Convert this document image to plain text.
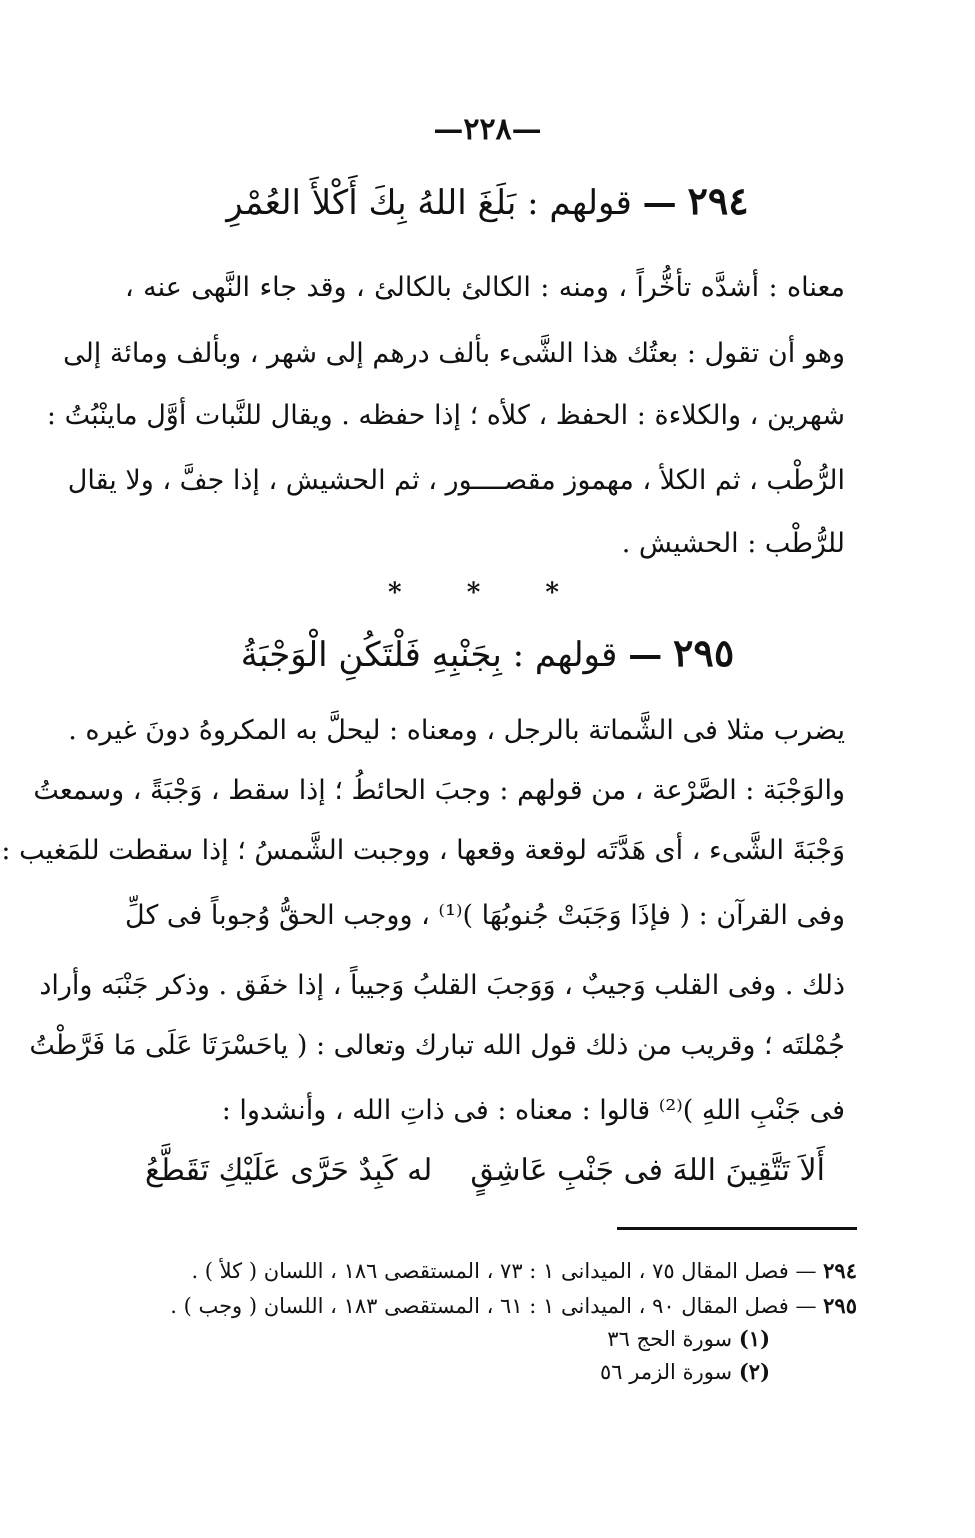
—٢٢٨—
٢٩٤ — قولهم : بَلَغَ اللهُ بِكَ أَكْلأَ العُمْرِ
معناه : أشدَّه تأخُّراً ، ومنه : الكالئ بالكالئ ، وقد جاء النَّهى عنه ،
وهو أن تقول : بعتُك هذا الشَّىء بألف درهم إلى شهر ، وبألف ومائة إلى
شهرين ، والكلاءة : الحفظ ، كلأه ؛ إذا حفظه . ويقال للنَّبات أوَّل ماينْبُتُ :
الرُّطْب ، ثم الكلأ ، مهموز مقصــــور ، ثم الحشيش ، إذا جفَّ ، ولا يقال
للرُّطْب : الحشيش .
* * *
٢٩٥ — قولهم : بِجَنْبِهِ فَلْتَكُنِ الْوَجْبَةُ
يضرب مثلا فى الشَّماتة بالرجل ، ومعناه : ليحلَّ به المكروهُ دونَ غيره .
والوَجْبَة : الصَّرْعة ، من قولهم : وجبَ الحائطُ ؛ إذا سقط ، وَجْبَةً ، وسمعتُ
وَجْبَةَ الشَّىء ، أى هَدَّتَه لوقعة وقعها ، ووجبت الشَّمسُ ؛ إذا سقطت للمَغيب :
وفى القرآن : ( فإذَا وَجَبَتْ جُنوبُهَا )⁽¹⁾ ، ووجب الحقُّ وُجوباً فى كلِّ
ذلك . وفى القلب وَجيبٌ ، وَوَجبَ القلبُ وَجيباً ، إذا خفَق . وذكر جَنْبَه وأراد
جُمْلتَه ؛ وقريب من ذلك قول الله تبارك وتعالى : ( ياحَسْرَتَا عَلَى مَا فَرَّطْتُ
فى جَنْبِ اللهِ )⁽²⁾ قالوا : معناه : فى ذاتِ الله ، وأنشدوا :
أَلاَ تَتَّقِينَ اللهَ فى جَنْبِ عَاشِقٍ
له كَبِدٌ حَرَّى عَلَيْكِ تَقَطَّعُ
٢٩٤ — فصل المقال ٧٥ ، الميدانى ١ : ٧٣ ، المستقصى ١٨٦ ، اللسان ( كلأ ) .
٢٩٥ — فصل المقال ٩٠ ، الميدانى ١ : ٦١ ، المستقصى ١٨٣ ، اللسان ( وجب ) .
(١) سورة الحج ٣٦
(٢) سورة الزمر ٥٦
